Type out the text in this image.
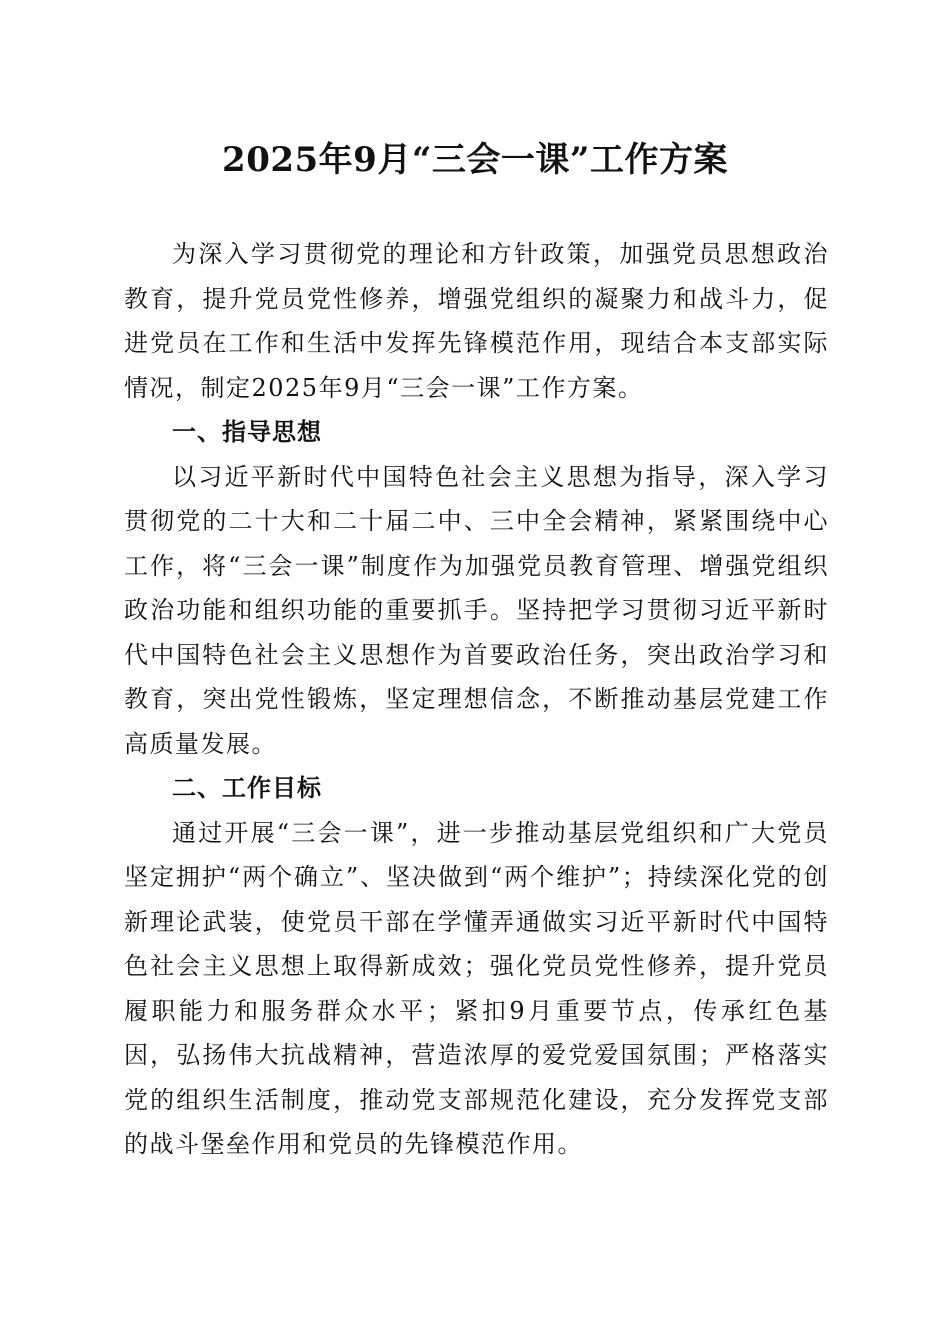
2025年9月“三会一课”工作方案

为深入学习贯彻党的理论和方针政策，加强党员思想政治教育，提升党员党性修养，增强党组织的凝聚力和战斗力，促进党员在工作和生活中发挥先锋模范作用，现结合本支部实际情况，制定2025年9月“三会一课”工作方案。

一、指导思想

以习近平新时代中国特色社会主义思想为指导，深入学习贯彻党的二十大和二十届二中、三中全会精神，紧紧围绕中心工作，将“三会一课”制度作为加强党员教育管理、增强党组织政治功能和组织功能的重要抓手。坚持把学习贯彻习近平新时代中国特色社会主义思想作为首要政治任务，突出政治学习和教育，突出党性锻炼，坚定理想信念，不断推动基层党建工作高质量发展。

二、工作目标

通过开展“三会一课”，进一步推动基层党组织和广大党员坚定拥护“两个确立”、坚决做到“两个维护”；持续深化党的创新理论武装，使党员干部在学懂弄通做实习近平新时代中国特色社会主义思想上取得新成效；强化党员党性修养，提升党员履职能力和服务群众水平；紧扣9月重要节点，传承红色基因，弘扬伟大抗战精神，营造浓厚的爱党爱国氛围；严格落实党的组织生活制度，推动党支部规范化建设，充分发挥党支部的战斗堡垒作用和党员的先锋模范作用。
